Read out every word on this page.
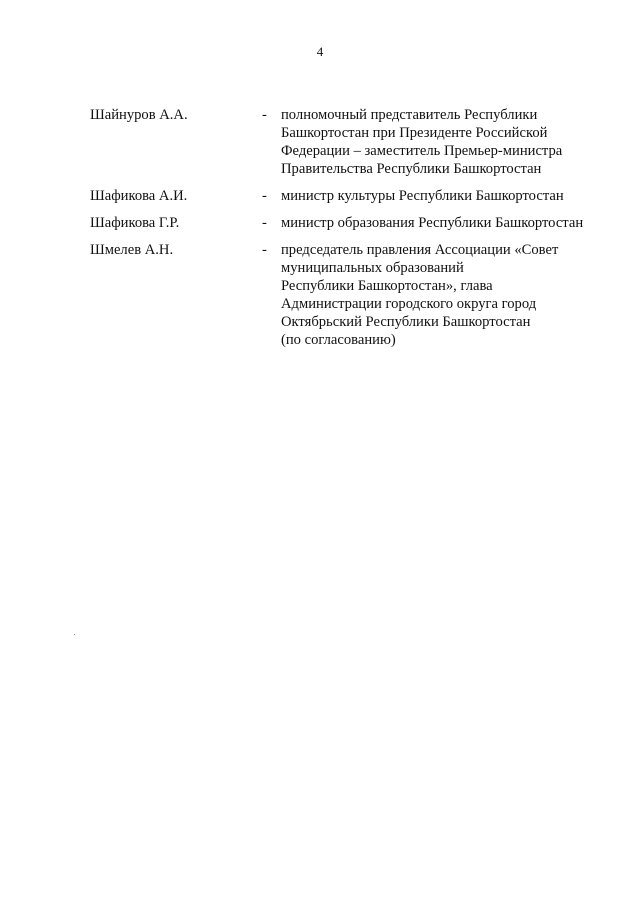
4
Шайнуров А.А.	- полномочный представитель Республики
Башкортостан при Президенте Российской
Федерации – заместитель Премьер-министра
Правительства Республики Башкортостан
Шафикова А.И.	- министр культуры Республики Башкортостан
Шафикова Г.Р.	- министр образования Республики Башкортостан
Шмелев А.Н.	- председатель правления Ассоциации «Совет
муниципальных образований
Республики Башкортостан», глава
Администрации городского округа город
Октябрьский Республики Башкортостан
(по согласованию)
